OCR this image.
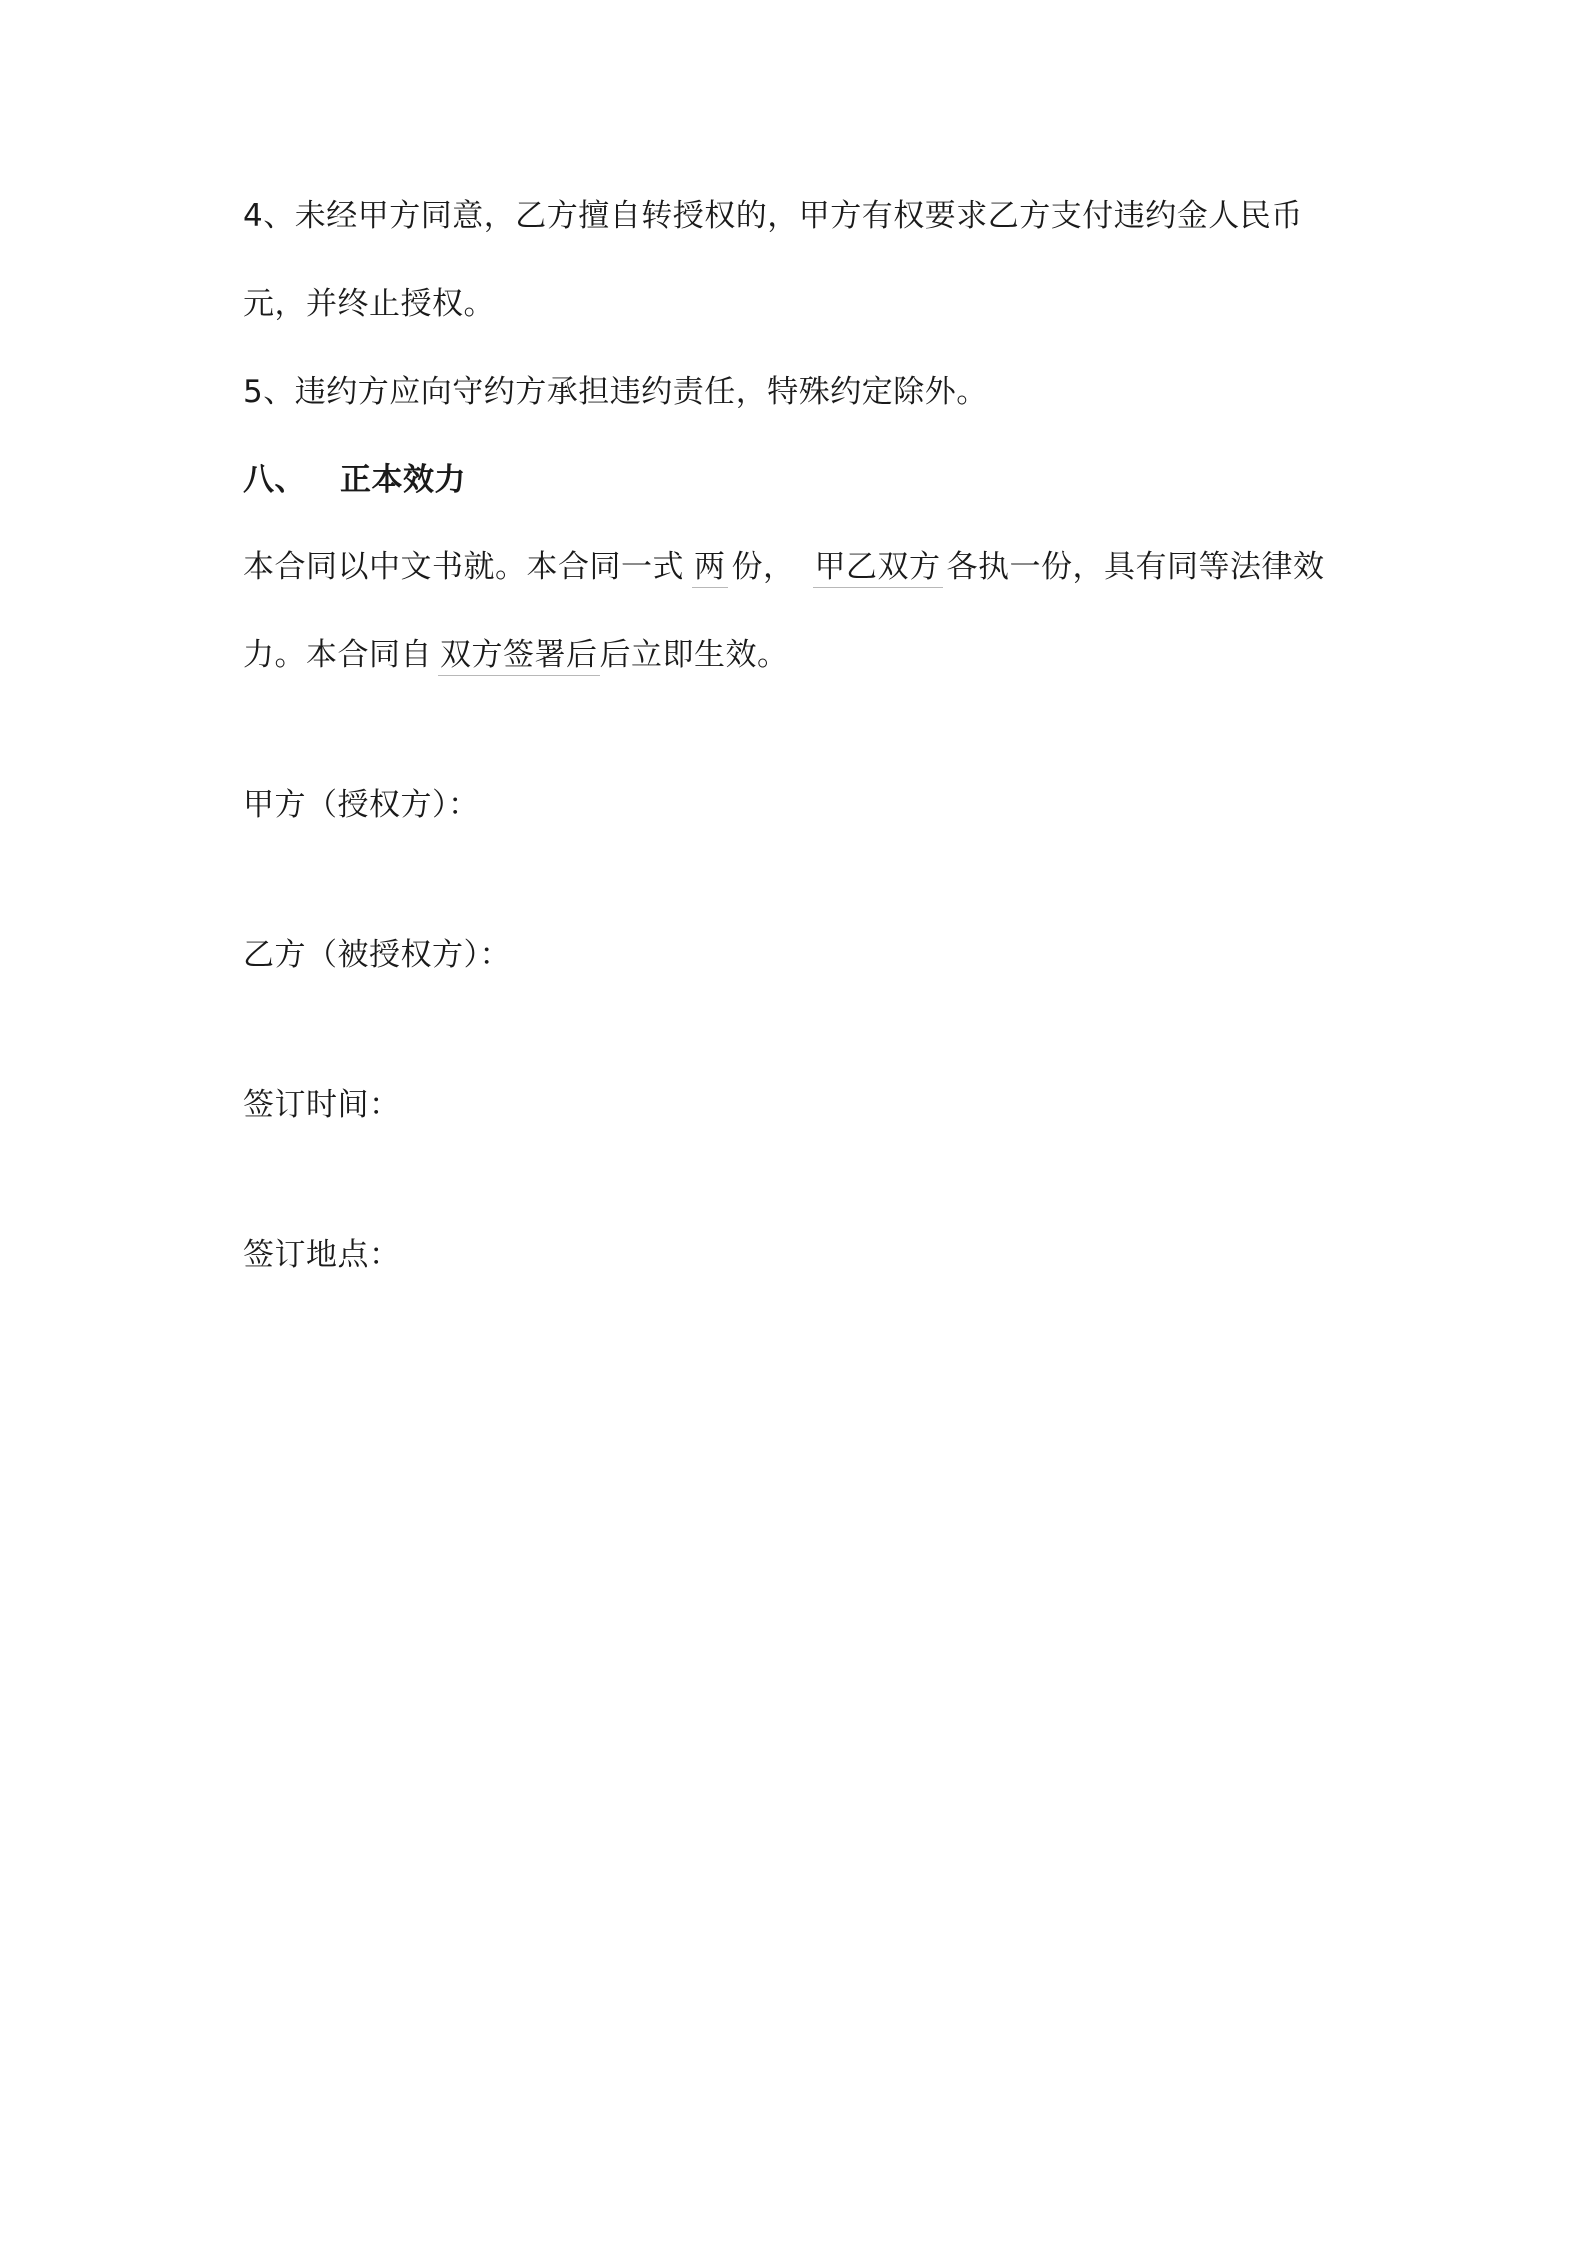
4、未经甲方同意，乙方擅自转授权的，甲方有权要求乙方支付违约金人民币
元，并终止授权。
5、违约方应向守约方承担违约责任，特殊约定除外。
八、 正本效力
本合同以中文书就。本合同一式 两 份， 甲乙双方 各执一份，具有同等法律效
力。本合同自 双方签署后后立即生效。
甲方（授权方）：
乙方（被授权方）：
签订时间：
签订地点：
